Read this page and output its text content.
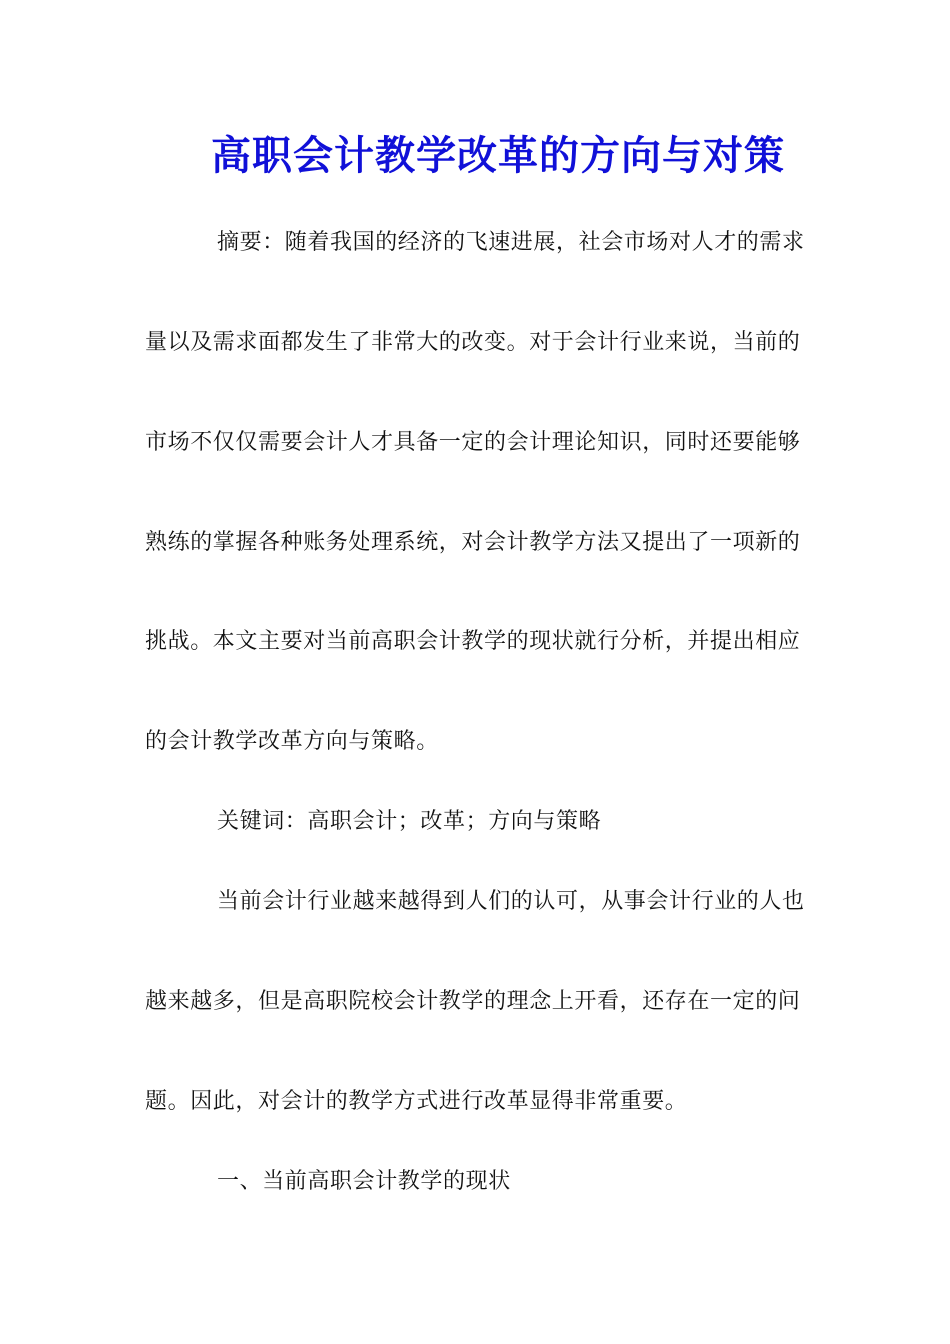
高职会计教学改革的方向与对策
摘要：随着我国的经济的飞速进展，社会市场对人才的需求
量以及需求面都发生了非常大的改变。对于会计行业来说，当前的
市场不仅仅需要会计人才具备一定的会计理论知识，同时还要能够
熟练的掌握各种账务处理系统，对会计教学方法又提出了一项新的
挑战。本文主要对当前高职会计教学的现状就行分析，并提出相应
的会计教学改革方向与策略。
关键词：高职会计；改革；方向与策略
当前会计行业越来越得到人们的认可，从事会计行业的人也
越来越多，但是高职院校会计教学的理念上开看，还存在一定的问
题。因此，对会计的教学方式进行改革显得非常重要。
一、当前高职会计教学的现状
